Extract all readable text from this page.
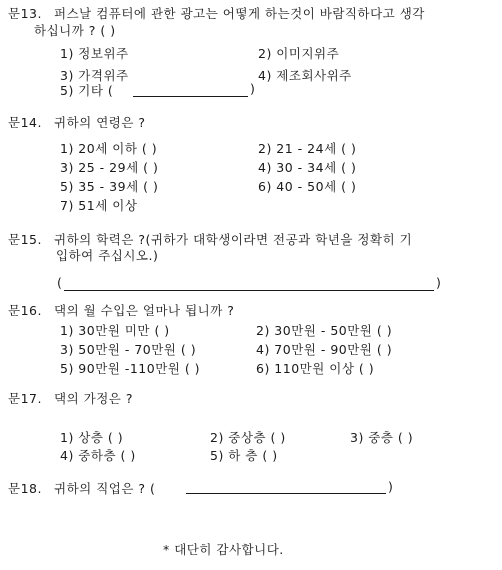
문13. 퍼스날 컴퓨터에 관한 광고는 어떻게 하는것이 바람직하다고 생각
하십니까 ? ( )
1) 정보위주	2) 이미지위주
3) 가격위주	4) 제조회사위주
5) 기타 (	)
문14. 귀하의 연령은 ?
1) 20세 이하 ( )	2) 21 - 24세 ( )
3) 25 - 29세 ( )	4) 30 - 34세 ( )
5) 35 - 39세 ( )	6) 40 - 50세 ( )
7) 51세 이상
문15. 귀하의 학력은 ?(귀하가 대학생이라면 전공과 학년을 정확히 기
입하여 주십시오.)
(	)
문16. 댁의 월 수입은 얼마나 됩니까 ?
1) 30만원 미만 ( )	2) 30만원 - 50만원 ( )
3) 50만원 - 70만원 ( )	4) 70만원 - 90만원 ( )
5) 90만원 -110만원 ( )	6) 110만원 이상 ( )
문17. 댁의 가정은 ?
1) 상층 ( )	2) 중상층 ( )	3) 중층 ( )
4) 중하층 ( )	5) 하 층 ( )
문18. 귀하의 직업은 ? (	)
* 대단히 감사합니다.
